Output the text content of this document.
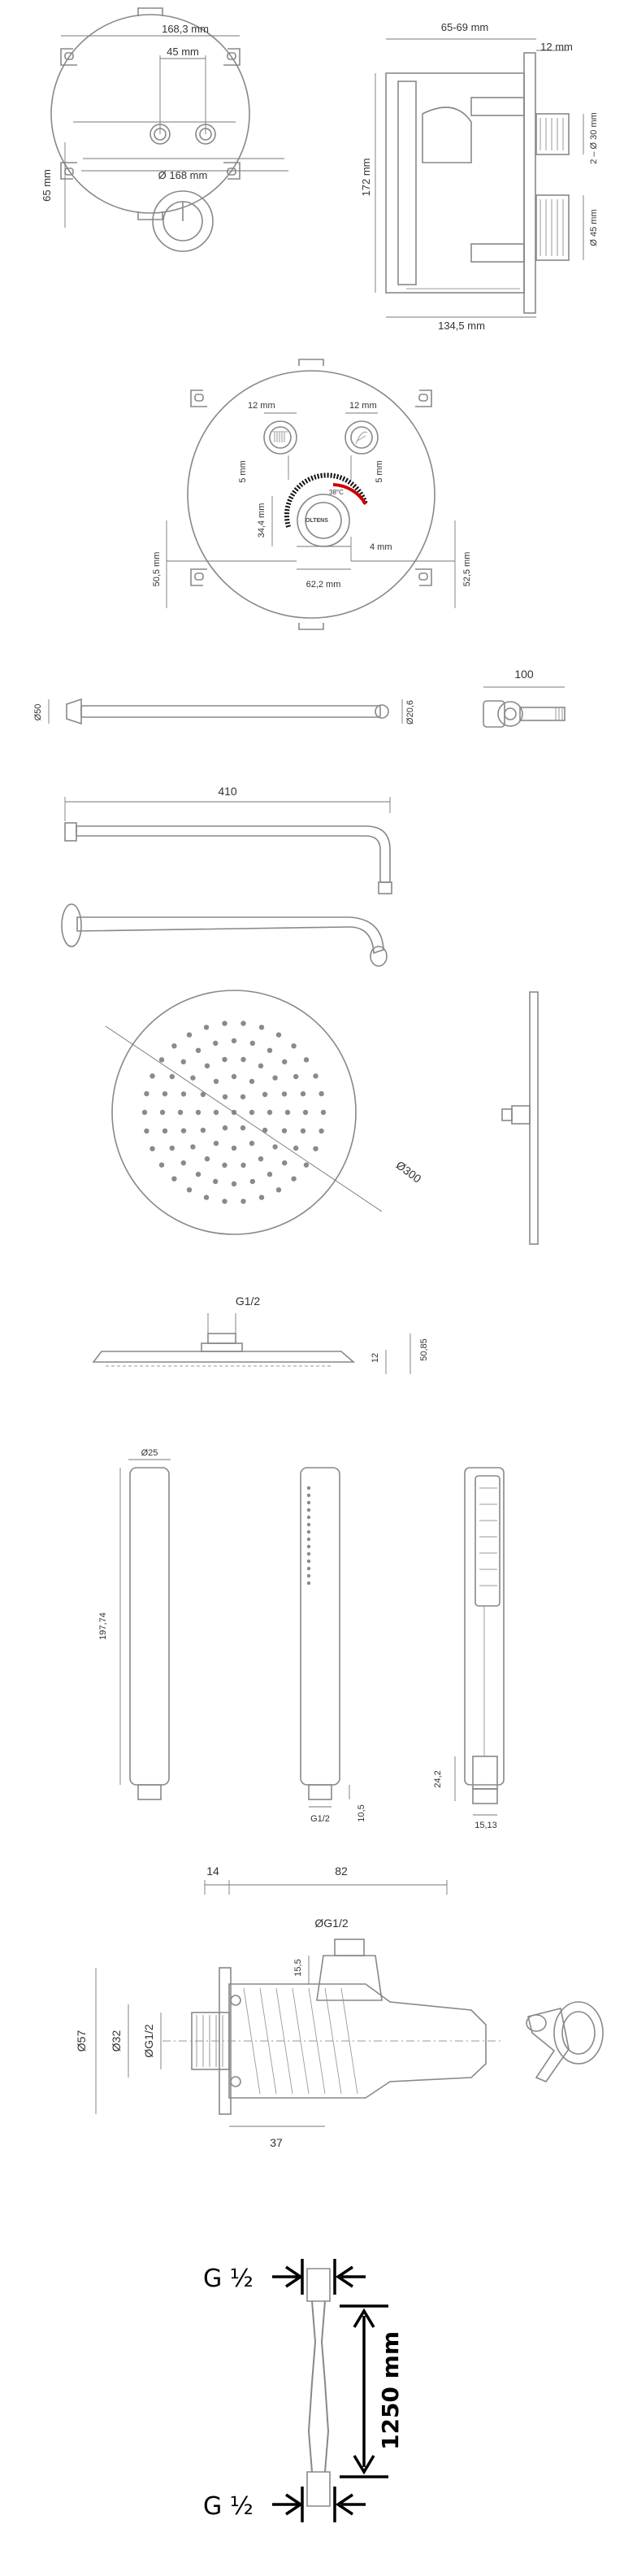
168,3 mm
45 mm
65 mm	Ø 168 mm
65-69 mm
12 mm
172 mm
134,5 mm
2 – Ø 30 mm
Ø 45 mm
12 mm	12 mm
5 mm	5 mm
34,4 mm
4 mm
62,2 mm
50,5 mm	52,5 mm
OLTENS
38°C
Ø50	Ø20,6
100
410
Ø300
G1/2
12	50,85
Ø25
197,74
G1/2	10,5
24,2
15,13
14	82
ØG1/2
15,5
Ø57 Ø32 ØG1/2
37
G ½
G ½
1250 mm
